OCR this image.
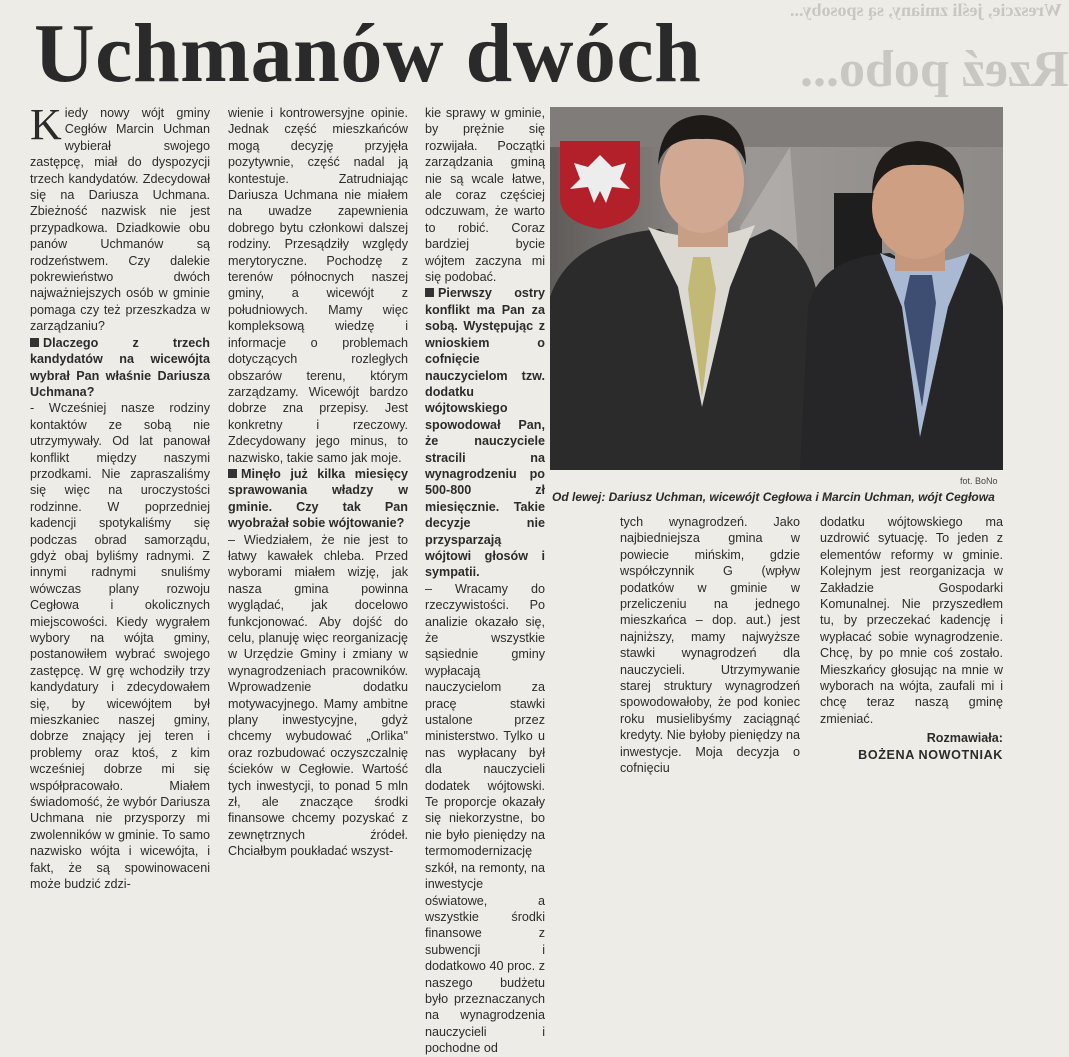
Wreszcie, jeśli zmiany, są sposoby...
Rzeź pobo...
Uchmanów dwóch

Kiedy nowy wójt gminy Cegłów Marcin Uchman wybierał swojego zastępcę, miał do dyspozycji trzech kandydatów. Zdecydował się na Dariusza Uchmana. Zbieżność nazwisk nie jest przypadkowa. Dziadkowie obu panów Uchmanów są rodzeństwem. Czy dalekie pokrewieństwo dwóch najważniejszych osób w gminie pomaga czy też przeszkadza w zarządzaniu?

Dlaczego z trzech kandydatów na wicewójta wybrał Pan właśnie Dariusza Uchmana?

- Wcześniej nasze rodziny kontaktów ze sobą nie utrzymywały. Od lat panował konflikt między naszymi przodkami. Nie zapraszaliśmy się więc na uroczystości rodzinne. W poprzedniej kadencji spotykaliśmy się podczas obrad samorządu, gdyż obaj byliśmy radnymi. Z innymi radnymi snuliśmy wówczas plany rozwoju Cegłowa i okolicznych miejscowości. Kiedy wygrałem wybory na wójta gminy, postanowiłem wybrać swojego zastępcę. W grę wchodziły trzy kandydatury i zdecydowałem się, by wicewójtem był mieszkaniec naszej gminy, dobrze znający jej teren i problemy oraz ktoś, z kim wcześniej dobrze mi się współpracowało. Miałem świadomość, że wybór Dariusza Uchmana nie przysporzy mi zwolenników w gminie. To samo nazwisko wójta i wicewójta, i fakt, że są spowinowaceni może budzić zdzi-

wienie i kontrowersyjne opinie. Jednak część mieszkańców mogą decyzję przyjęła pozytywnie, część nadal ją kontestuje. Zatrudniając Dariusza Uchmana nie miałem na uwadze zapewnienia dobrego bytu członkowi dalszej rodziny. Przesądziły względy merytoryczne. Pochodzę z terenów północnych naszej gminy, a wicewójt z południowych. Mamy więc kompleksową wiedzę i informacje o problemach dotyczących rozległych obszarów terenu, którym zarządzamy. Wicewójt bardzo dobrze zna przepisy. Jest konkretny i rzeczowy. Zdecydowany jego minus, to nazwisko, takie samo jak moje.

Minęło już kilka miesięcy sprawowania władzy w gminie. Czy tak Pan wyobrażał sobie wójtowanie?

– Wiedziałem, że nie jest to łatwy kawałek chleba. Przed wyborami miałem wizję, jak nasza gmina powinna wyglądać, jak docelowo funkcjonować. Aby dojść do celu, planuję więc reorganizację w Urzędzie Gminy i zmiany w wynagrodzeniach pracowników. Wprowadzenie dodatku motywacyjnego. Mamy ambitne plany inwestycyjne, gdyż chcemy wybudować „Orlika" oraz rozbudować oczyszczalnię ścieków w Cegłowie. Wartość tych inwestycji, to ponad 5 mln zł, ale znaczące środki finansowe chcemy pozyskać z zewnętrznych źródeł. Chciałbym poukładać wszyst-

kie sprawy w gminie, by prężnie się rozwijała. Początki zarządzania gminą nie są wcale łatwe, ale coraz częściej odczuwam, że warto to robić. Coraz bardziej bycie wójtem zaczyna mi się podobać.

Pierwszy ostry konflikt ma Pan za sobą. Występując z wnioskiem o cofnięcie nauczycielom tzw. dodatku wójtowskiego spowodował Pan, że nauczyciele stracili na wynagrodzeniu po 500-800 zł miesięcznie. Takie decyzje nie przysparzają wójtowi głosów i sympatii.

– Wracamy do rzeczywistości. Po analizie okazało się, że wszystkie sąsiednie gminy wypłacają nauczycielom za pracę stawki ustalone przez ministerstwo. Tylko u nas wypłacany był dla nauczycieli dodatek wójtowski. Te proporcje okazały się niekorzystne, bo nie było pieniędzy na termomodernizację szkół, na remonty, na inwestycje oświatowe, a wszystkie środki finansowe z subwencji i dodatkowo 40 proc. z naszego budżetu było przeznaczanych na wynagrodzenia nauczycieli i pochodne od

fot. BoNo
Od lewej: Dariusz Uchman, wicewójt Cegłowa i Marcin Uchman, wójt Cegłowa

tych wynagrodzeń. Jako najbiedniejsza gmina w powiecie mińskim, gdzie współczynnik G (wpływ podatków w gminie w przeliczeniu na jednego mieszkańca – dop. aut.) jest najniższy, mamy najwyższe stawki wynagrodzeń dla nauczycieli. Utrzymywanie starej struktury wynagrodzeń spowodowałoby, że pod koniec roku musielibyśmy zaciągnąć kredyty. Nie byłoby pieniędzy na inwestycje. Moja decyzja o cofnięciu

dodatku wójtowskiego ma uzdrowić sytuację. To jeden z elementów reformy w gminie. Kolejnym jest reorganizacja w Zakładzie Gospodarki Komunalnej. Nie przyszedłem tu, by przeczekać kadencję i wypłacać sobie wynagrodzenie. Chcę, by po mnie coś zostało. Mieszkańcy głosując na mnie w wyborach na wójta, zaufali mi i chcę teraz naszą gminę zmieniać.

Rozmawiała:
BOŻENA NOWOTNIAK
